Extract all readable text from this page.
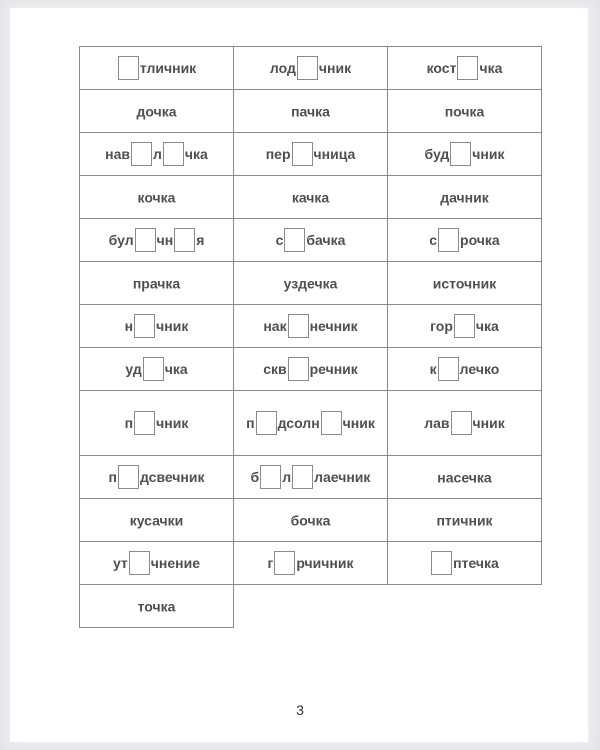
тличник	лод чник	кост чка
дочка	пачка	почка
нав л чка	пер чница	буд чник
кочка	качка	дачник
бул чн я	с бачка	с рочка
прачка	уздечка	источник
н чник	нак нечник	гор чка
уд чка	скв речник	к лечко
п чник	п дсолн чник	лав чник
п дсвечник	б л лаечник	насечка
кусачки	бочка	птичник
ут чнение	г рчичник	птечка
точка		
3
